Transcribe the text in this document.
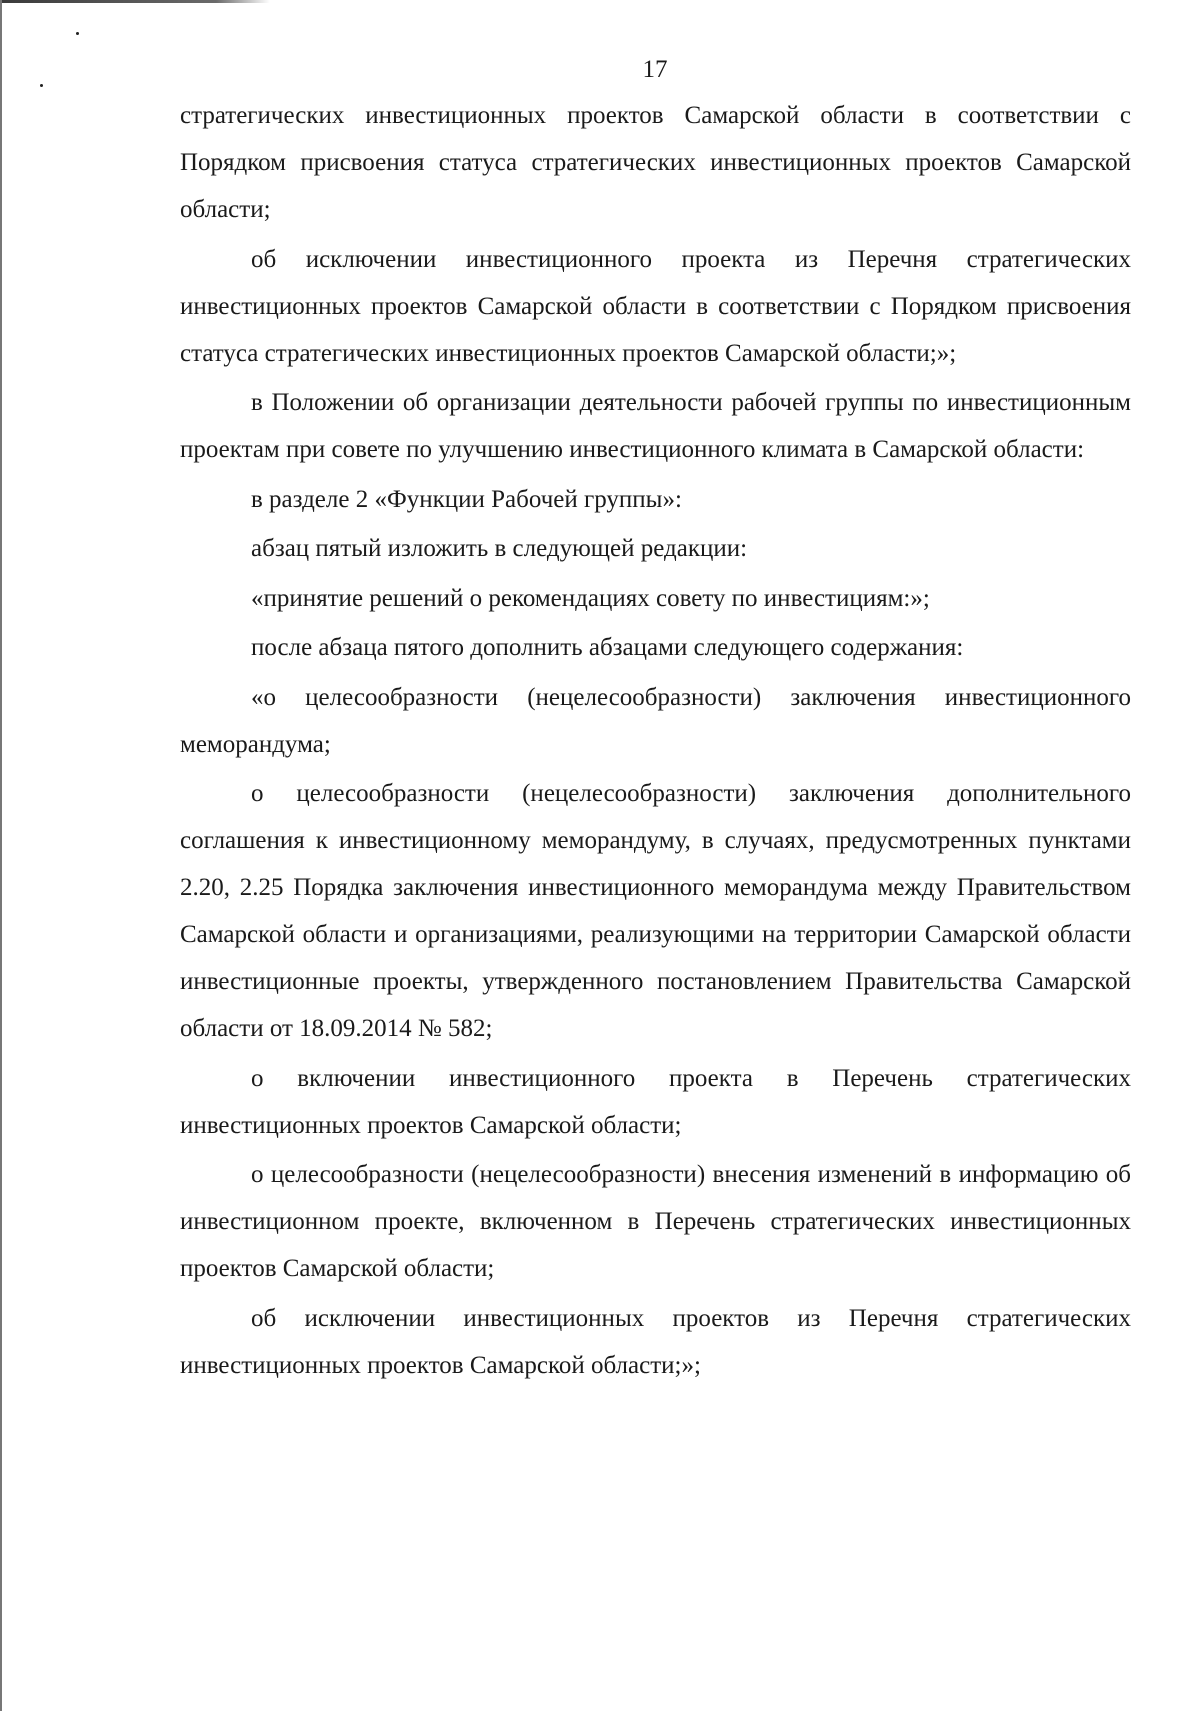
17

стратегических инвестиционных проектов Самарской области в соответствии с Порядком присвоения статуса стратегических инвестиционных проектов Самарской области;

об исключении инвестиционного проекта из Перечня стратегических инвестиционных проектов Самарской области в соответствии с Порядком присвоения статуса стратегических инвестиционных проектов Самарской области;»;

в Положении об организации деятельности рабочей группы по инвестиционным проектам при совете по улучшению инвестиционного климата в Самарской области:

в разделе 2 «Функции Рабочей группы»:

абзац пятый изложить в следующей редакции:

«принятие решений о рекомендациях совету по инвестициям:»;

после абзаца пятого дополнить абзацами следующего содержания:

«о целесообразности (нецелесообразности) заключения инвестиционного меморандума;

о целесообразности (нецелесообразности) заключения дополнительного соглашения к инвестиционному меморандуму, в случаях, предусмотренных пунктами 2.20, 2.25 Порядка заключения инвестиционного меморандума между Правительством Самарской области и организациями, реализующими на территории Самарской области инвестиционные проекты, утвержденного постановлением Правительства Самарской области от 18.09.2014 № 582;

о включении инвестиционного проекта в Перечень стратегических инвестиционных проектов Самарской области;

о целесообразности (нецелесообразности) внесения изменений в информацию об инвестиционном проекте, включенном в Перечень стратегических инвестиционных проектов Самарской области;

об исключении инвестиционных проектов из Перечня стратегических инвестиционных проектов Самарской области;»;
